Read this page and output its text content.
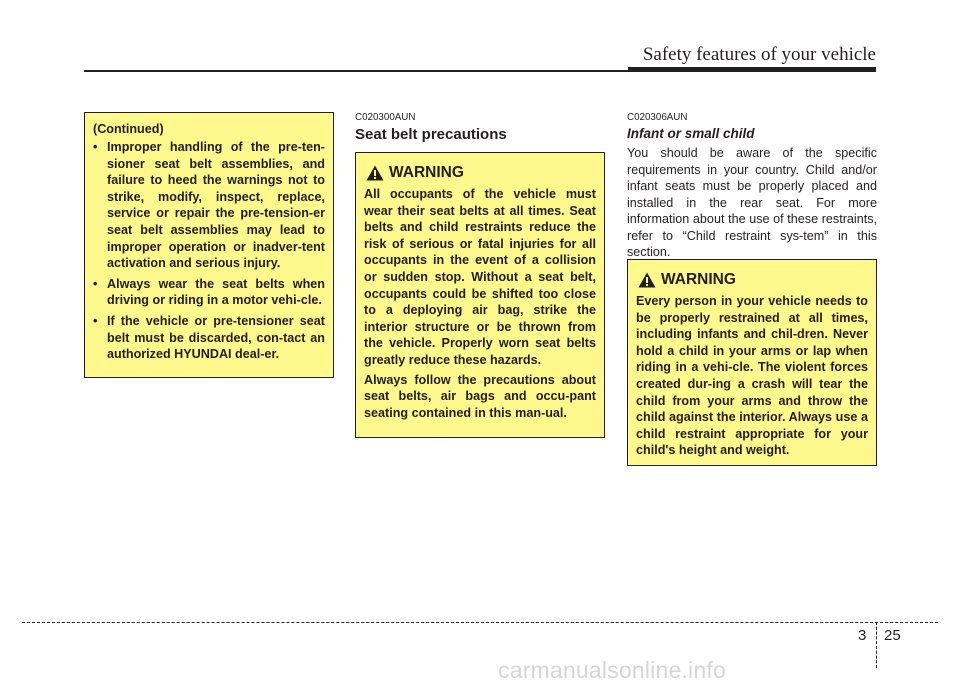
Safety features of your vehicle
(Continued)
• Improper handling of the pre-ten-sioner seat belt assemblies, and failure to heed the warnings not to strike, modify, inspect, replace, service or repair the pre-tension-er seat belt assemblies may lead to improper operation or inadver-tent activation and serious injury.
• Always wear the seat belts when driving or riding in a motor vehi-cle.
• If the vehicle or pre-tensioner seat belt must be discarded, con-tact an authorized HYUNDAI deal-er.
C020300AUN
Seat belt precautions
WARNING

All occupants of the vehicle must wear their seat belts at all times. Seat belts and child restraints reduce the risk of serious or fatal injuries for all occupants in the event of a collision or sudden stop. Without a seat belt, occupants could be shifted too close to a deploying air bag, strike the interior structure or be thrown from the vehicle. Properly worn seat belts greatly reduce these hazards.

Always follow the precautions about seat belts, air bags and occu-pant seating contained in this man-ual.

C020306AUN
Infant or small child
You should be aware of the specific requirements in your country. Child and/or infant seats must be properly placed and installed in the rear seat. For more information about the use of these restraints, refer to “Child restraint sys-tem” in this section.
WARNING
Every person in your vehicle needs to be properly restrained at all times, including infants and chil-dren. Never hold a child in your arms or lap when riding in a vehi-cle. The violent forces created dur-ing a crash will tear the child from your arms and throw the child against the interior. Always use a child restraint appropriate for your child's height and weight.
3 25
carmanualsonline.info
